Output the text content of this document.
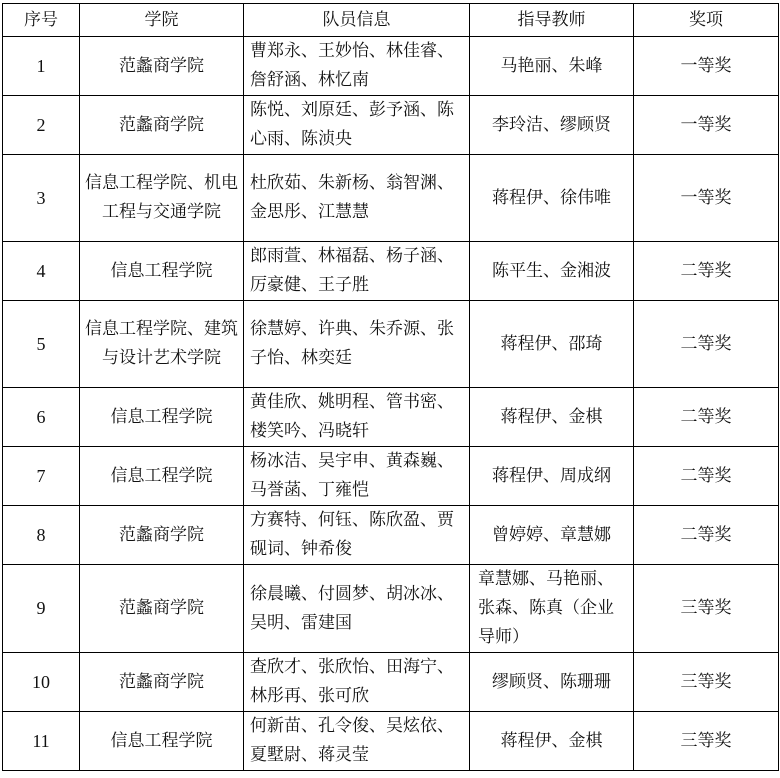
序号	学院	队员信息	指导教师	奖项
1	范蠡商学院	曹郑永、王妙怡、林佳睿、詹舒涵、林忆南	马艳丽、朱峰	一等奖
2	范蠡商学院	陈悦、刘原廷、彭予涵、陈心雨、陈浈央	李玲洁、缪顾贤	一等奖
3	信息工程学院、机电工程与交通学院	杜欣茹、朱新杨、翁智渊、金思彤、江慧慧	蒋程伊、徐伟唯	一等奖
4	信息工程学院	郎雨萱、林福磊、杨子涵、厉豪健、王子胜	陈平生、金湘波	二等奖
5	信息工程学院、建筑与设计艺术学院	徐慧婷、许典、朱乔源、张子怡、林奕廷	蒋程伊、邵琦	二等奖
6	信息工程学院	黄佳欣、姚明程、管书密、楼笑吟、冯晓轩	蒋程伊、金棋	二等奖
7	信息工程学院	杨冰洁、吴宇申、黄森巍、马誉菡、丁雍恺	蒋程伊、周成纲	二等奖
8	范蠡商学院	方赛特、何钰、陈欣盈、贾砚词、钟希俊	曾婷婷、章慧娜	二等奖
9	范蠡商学院	徐晨曦、付圆梦、胡冰冰、吴明、雷建国	章慧娜、马艳丽、张森、陈真（企业导师）	三等奖
10	范蠡商学院	查欣才、张欣怡、田海宁、林彤再、张可欣	缪顾贤、陈珊珊	三等奖
11	信息工程学院	何新苗、孔令俊、吴炫依、夏墅尉、蒋灵莹	蒋程伊、金棋	三等奖
